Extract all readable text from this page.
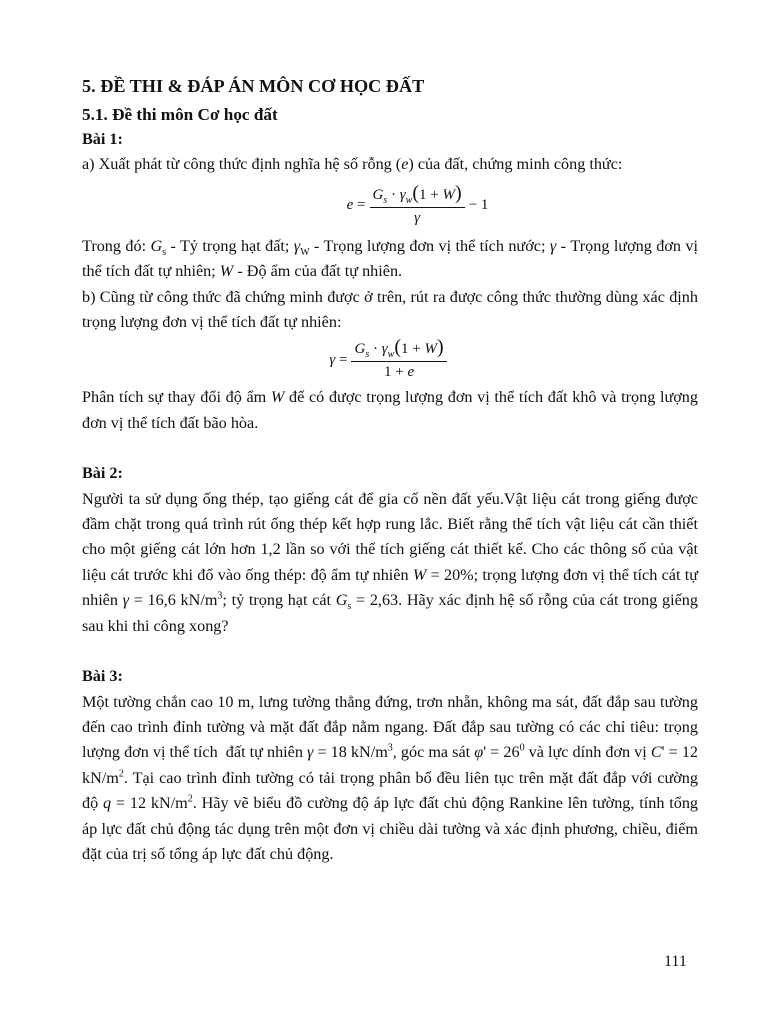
5. ĐỀ THI & ĐÁP ÁN MÔN CƠ HỌC ĐẤT
5.1. Đề thi môn Cơ học đất
Bài 1:

a) Xuất phát từ công thức định nghĩa hệ số rỗng (e) của đất, chứng minh công thức:

$e = \frac{G_s \cdot \gamma_w(1 + W)}{\gamma} - 1$

Trong đó: $G_s$ - Tỷ trọng hạt đất; $\gamma_W$ - Trọng lượng đơn vị thể tích nước; γ - Trọng lượng đơn vị thể tích đất tự nhiên; W - Độ ẩm của đất tự nhiên.

b) Cũng từ công thức đã chứng minh được ở trên, rút ra được công thức thường dùng xác định trọng lượng đơn vị thể tích đất tự nhiên:

$\gamma = \frac{G_s \cdot \gamma_w(1 + W)}{1 + e}$

Phân tích sự thay đổi độ ẩm W để có được trọng lượng đơn vị thể tích đất khô và trọng lượng đơn vị thể tích đất bão hòa.

Bài 2:

Người ta sử dụng ống thép, tạo giếng cát để gia cố nền đất yếu.Vật liệu cát trong giếng được đầm chặt trong quá trình rút ống thép kết hợp rung lắc. Biết rằng thể tích vật liệu cát cần thiết cho một giếng cát lớn hơn 1,2 lần so với thể tích giếng cát thiết kế. Cho các thông số của vật liệu cát trước khi đổ vào ống thép: độ ẩm tự nhiên W = 20%; trọng lượng đơn vị thể tích cát tự nhiên γ = 16,6 $kN/m^3$; tỷ trọng hạt cát $G_s = 2,63$. Hãy xác định hệ số rỗng của cát trong giếng sau khi thi công xong?

Bài 3:

Một tường chắn cao 10 m, lưng tường thẳng đứng, trơn nhẵn, không ma sát, đất đắp sau tường đến cao trình đỉnh tường và mặt đất đắp nằm ngang. Đất đắp sau tường có các chỉ tiêu: trọng lượng đơn vị thể tích  đất tự nhiên γ = 18 $kN/m^3$, góc ma sát $\varphi' = 26^0$ và lực dính đơn vị C' = 12 $kN/m^2$. Tại cao trình đỉnh tường có tải trọng phân bố đều liên tục trên mặt đất đắp với cường độ q = 12 $kN/m^2$. Hãy vẽ biểu đồ cường độ áp lực đất chủ động Rankine lên tường, tính tổng áp lực đất chủ động tác dụng trên một đơn vị chiều dài tường và xác định phương, chiều, điểm đặt của trị số tổng áp lực đất chủ động.

111
